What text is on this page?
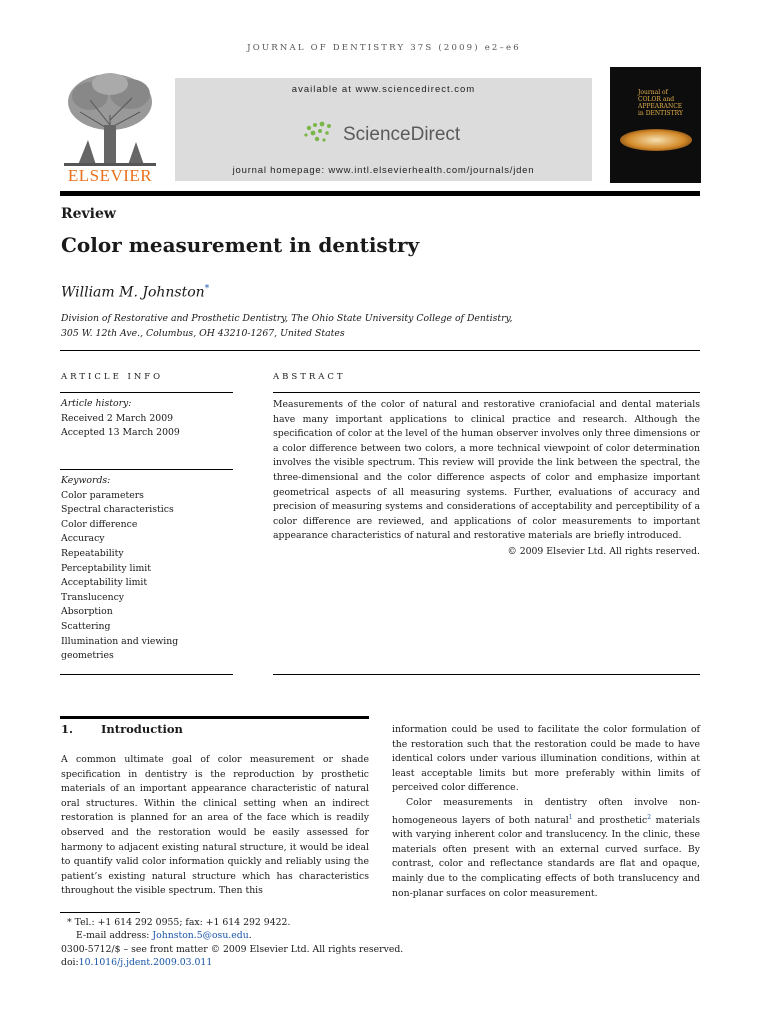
JOURNAL OF DENTISTRY 37S (2009) e2–e6
ELSEVIER
available at www.sciencedirect.com
ScienceDirect
journal homepage: www.intl.elsevierhealth.com/journals/jden
Journal of
COLOR and
APPEARANCE
in DENTISTRY
Review
Color measurement in dentistry
William M. Johnston*
Division of Restorative and Prosthetic Dentistry, The Ohio State University College of Dentistry,
305 W. 12th Ave., Columbus, OH 43210-1267, United States
ARTICLE INFO
Article history:
Received 2 March 2009
Accepted 13 March 2009
Keywords:
Color parameters
Spectral characteristics
Color difference
Accuracy
Repeatability
Perceptability limit
Acceptability limit
Translucency
Absorption
Scattering
Illumination and viewing
geometries
ABSTRACT
Measurements of the color of natural and restorative craniofacial and dental materials have many important applications to clinical practice and research. Although the specification of color at the level of the human observer involves only three dimensions or a color difference between two colors, a more technical viewpoint of color determination involves the visible spectrum. This review will provide the link between the spectral, the three-dimensional and the color difference aspects of color and emphasize important geometrical aspects of all measuring systems. Further, evaluations of accuracy and precision of measuring systems and considerations of acceptability and perceptibility of a color difference are reviewed, and applications of color measurements to important appearance characteristics of natural and restorative materials are briefly introduced.
© 2009 Elsevier Ltd. All rights reserved.
1. Introduction

A common ultimate goal of color measurement or shade specification in dentistry is the reproduction by prosthetic materials of an important appearance characteristic of natural oral structures. Within the clinical setting when an indirect restoration is planned for an area of the face which is readily observed and the restoration would be easily assessed for harmony to adjacent existing natural structure, it would be ideal to quantify valid color information quickly and reliably using the patient’s existing natural structure which has characteristics throughout the visible spectrum. Then this

information could be used to facilitate the color formulation of the restoration such that the restoration could be made to have identical colors under various illumination conditions, within at least acceptable limits but more preferably within limits of perceived color difference.

Color measurements in dentistry often involve non-homogeneous layers of both natural$^1$ and prosthetic$^2$ materials with varying inherent color and translucency. In the clinic, these materials often present with an external curved surface. By contrast, color and reflectance standards are flat and opaque, mainly due to the complicating effects of both translucency and non-planar surfaces on color measurement.

* Tel.: +1 614 292 0955; fax: +1 614 292 9422.
E-mail address: Johnston.5@osu.edu.
0300-5712/$ – see front matter © 2009 Elsevier Ltd. All rights reserved.
doi:10.1016/j.jdent.2009.03.011
